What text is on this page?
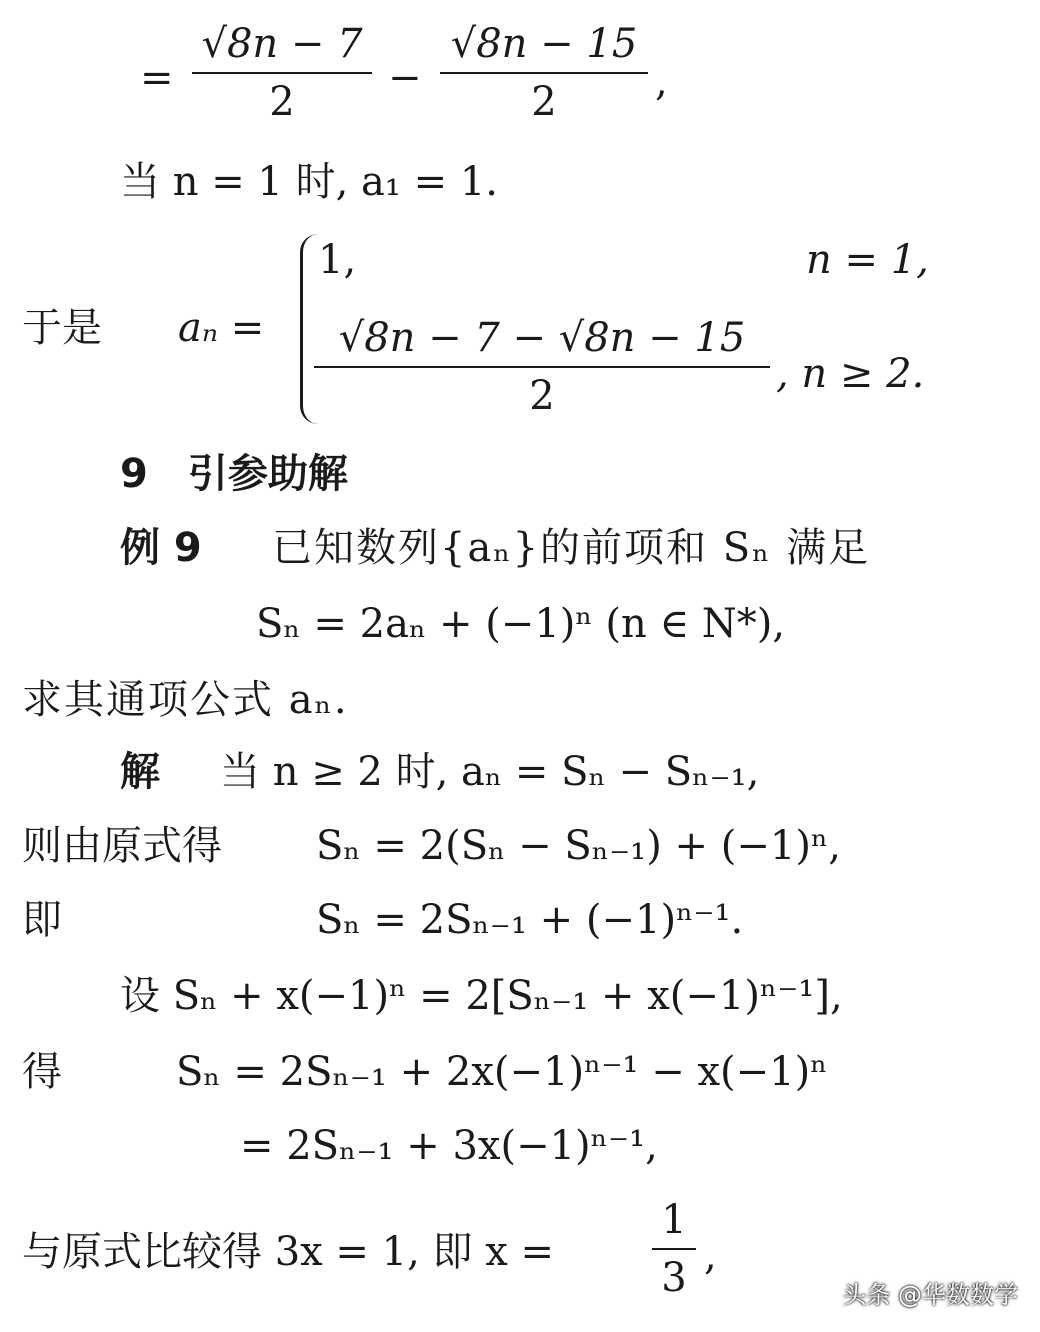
=
√8n − 7
2
−
√8n − 15
2	,
当 n = 1 时, a₁ = 1.
于是 aₙ =
1,	n = 1,
√8n − 7 − √8n − 15
2	, n ≥ 2.
9　引参助解
例 9 已知数列{aₙ}的前项和 Sₙ 满足
Sₙ = 2aₙ + (−1)ⁿ (n ∈ N*),
求其通项公式 aₙ.
解 当 n ≥ 2 时, aₙ = Sₙ − Sₙ₋₁,
则由原式得 Sₙ = 2(Sₙ − Sₙ₋₁) + (−1)ⁿ,
即	Sₙ = 2Sₙ₋₁ + (−1)ⁿ⁻¹.
设 Sₙ + x(−1)ⁿ = 2[Sₙ₋₁ + x(−1)ⁿ⁻¹],
得	Sₙ = 2Sₙ₋₁ + 2x(−1)ⁿ⁻¹ − x(−1)ⁿ
= 2Sₙ₋₁ + 3x(−1)ⁿ⁻¹,
与原式比较得 3x = 1, 即 x =
1
3 ,
头条 @华数数学
